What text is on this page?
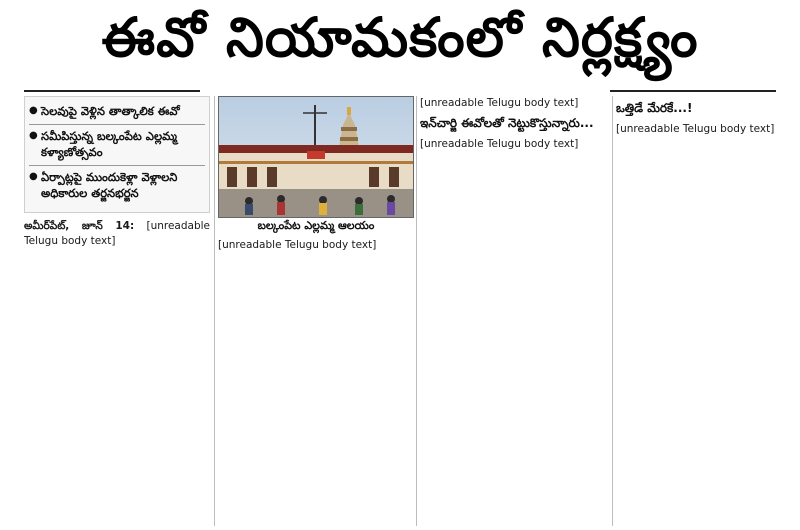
ఈవో నియామకంలో నిర్లక్ష్యం
● సెలవుపై వెళ్లిన తాత్కాలిక ఈవో
● సమీపిస్తున్న బల్కంపేట ఎల్లమ్మ కళ్యాణోత్సవం
● ఏర్పాట్లపై ముందుకెళ్లా వెళ్లాలని అధికారుల తర్జనభర్జన

అమీర్‌పేట్, జూన్ 14: [unreadable Telugu body text]

బల్కంపేట ఎల్లమ్మ ఆలయం

[unreadable Telugu body text]

[unreadable Telugu body text]

ఇన్‌చార్జి ఈవోలతో నెట్టుకొస్తున్నారు...

[unreadable Telugu body text]

ఒత్తిడే మేరకే...!

[unreadable Telugu body text]
